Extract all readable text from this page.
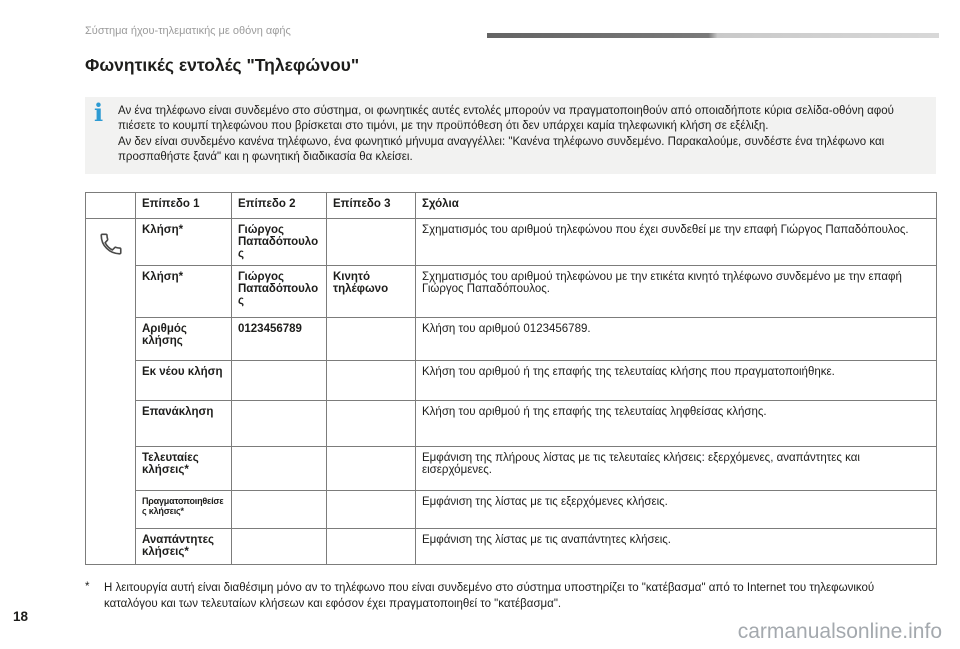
Σύστημα ήχου-τηλεματικής με οθόνη αφής
Φωνητικές εντολές "Τηλεφώνου"
i Αν ένα τηλέφωνο είναι συνδεμένο στο σύστημα, οι φωνητικές αυτές εντολές μπορούν να πραγματοποιηθούν από οποιαδήποτε κύρια σελίδα-οθόνη αφού πιέσετε το κουμπί τηλεφώνου που βρίσκεται στο τιμόνι, με την προϋπόθεση ότι δεν υπάρχει καμία τηλεφωνική κλήση σε εξέλιξη.

Αν δεν είναι συνδεμένο κανένα τηλέφωνο, ένα φωνητικό μήνυμα αναγγέλλει: "Κανένα τηλέφωνο συνδεμένο. Παρακαλούμε, συνδέστε ένα τηλέφωνο και προσπαθήστε ξανά" και η φωνητική διαδικασία θα κλείσει.

	Επίπεδο 1	Επίπεδο 2	Επίπεδο 3	Σχόλια
	Κλήση*	Γιώργος Παπαδόπουλος		Σχηματισμός του αριθμού τηλεφώνου που έχει συνδεθεί με την επαφή Γιώργος Παπαδόπουλος.
	Κλήση*	Γιώργος Παπαδόπουλος	Κινητό τηλέφωνο	Σχηματισμός του αριθμού τηλεφώνου με την ετικέτα κινητό τηλέφωνο συνδεμένο με την επαφή Γιώργος Παπαδόπουλος.
	Αριθμός κλήσης	0123456789		Κλήση του αριθμού 0123456789.
	Εκ νέου κλήση			Κλήση του αριθμού ή της επαφής της τελευταίας κλήσης που πραγματοποιήθηκε.
	Επανάκληση			Κλήση του αριθμού ή της επαφής της τελευταίας ληφθείσας κλήσης.
	Τελευταίες κλήσεις*			Εμφάνιση της πλήρους λίστας με τις τελευταίες κλήσεις: εξερχόμενες, αναπάντητες και εισερχόμενες.
	Πραγματοποιηθείσες κλήσεις*			Εμφάνιση της λίστας με τις εξερχόμενες κλήσεις.
	Αναπάντητες κλήσεις*			Εμφάνιση της λίστας με τις αναπάντητες κλήσεις.
*	Η λειτουργία αυτή είναι διαθέσιμη μόνο αν το τηλέφωνο που είναι συνδεμένο στο σύστημα υποστηρίζει το "κατέβασμα" από το Internet του τηλεφωνικού καταλόγου και των τελευταίων κλήσεων και εφόσον έχει πραγματοποιηθεί το "κατέβασμα".
18
carmanualsonline.info
